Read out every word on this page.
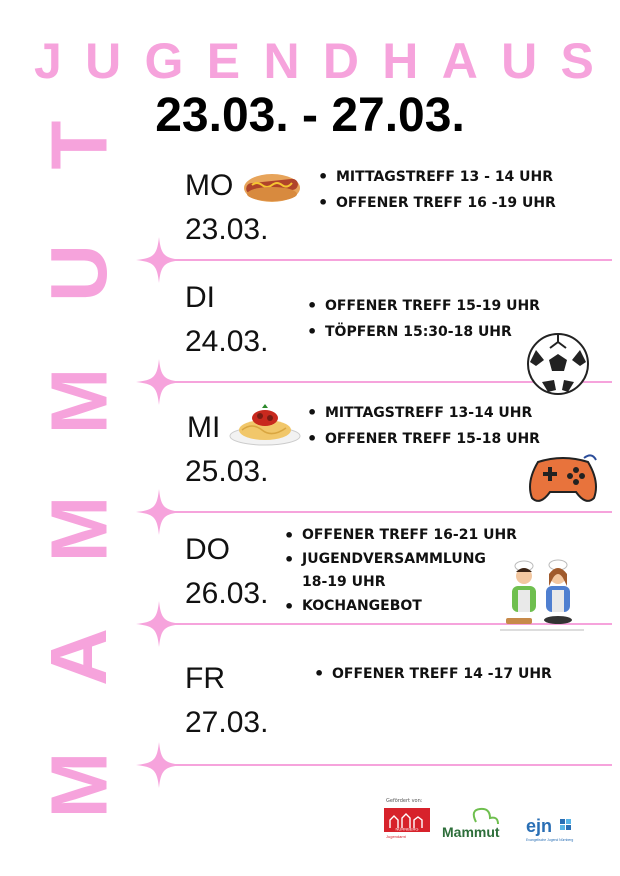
J U G E N D H A U S
23.03. - 27.03.
T
U
M
M
A
M
MO
23.03.
• MITTAGSTREFF 13 - 14 UHR
• OFFENER TREFF 16 -19 UHR
DI
24.03.
• OFFENER TREFF 15-19 UHR
• TÖPFERN 15:30-18 UHR
MI
25.03.
• MITTAGSTREFF 13-14 UHR
• OFFENER TREFF 15-18 UHR
DO
26.03.
• OFFENER TREFF 16-21 UHR
• JUGENDVERSAMMLUNG
18-19 UHR
• KOCHANGEBOT
FR
27.03.
• OFFENER TREFF 14 -17 UHR
Gefördert von:
NÜRNBERG
Jugendamt	Mammut ejn
Evangelische Jugend Nürnberg
